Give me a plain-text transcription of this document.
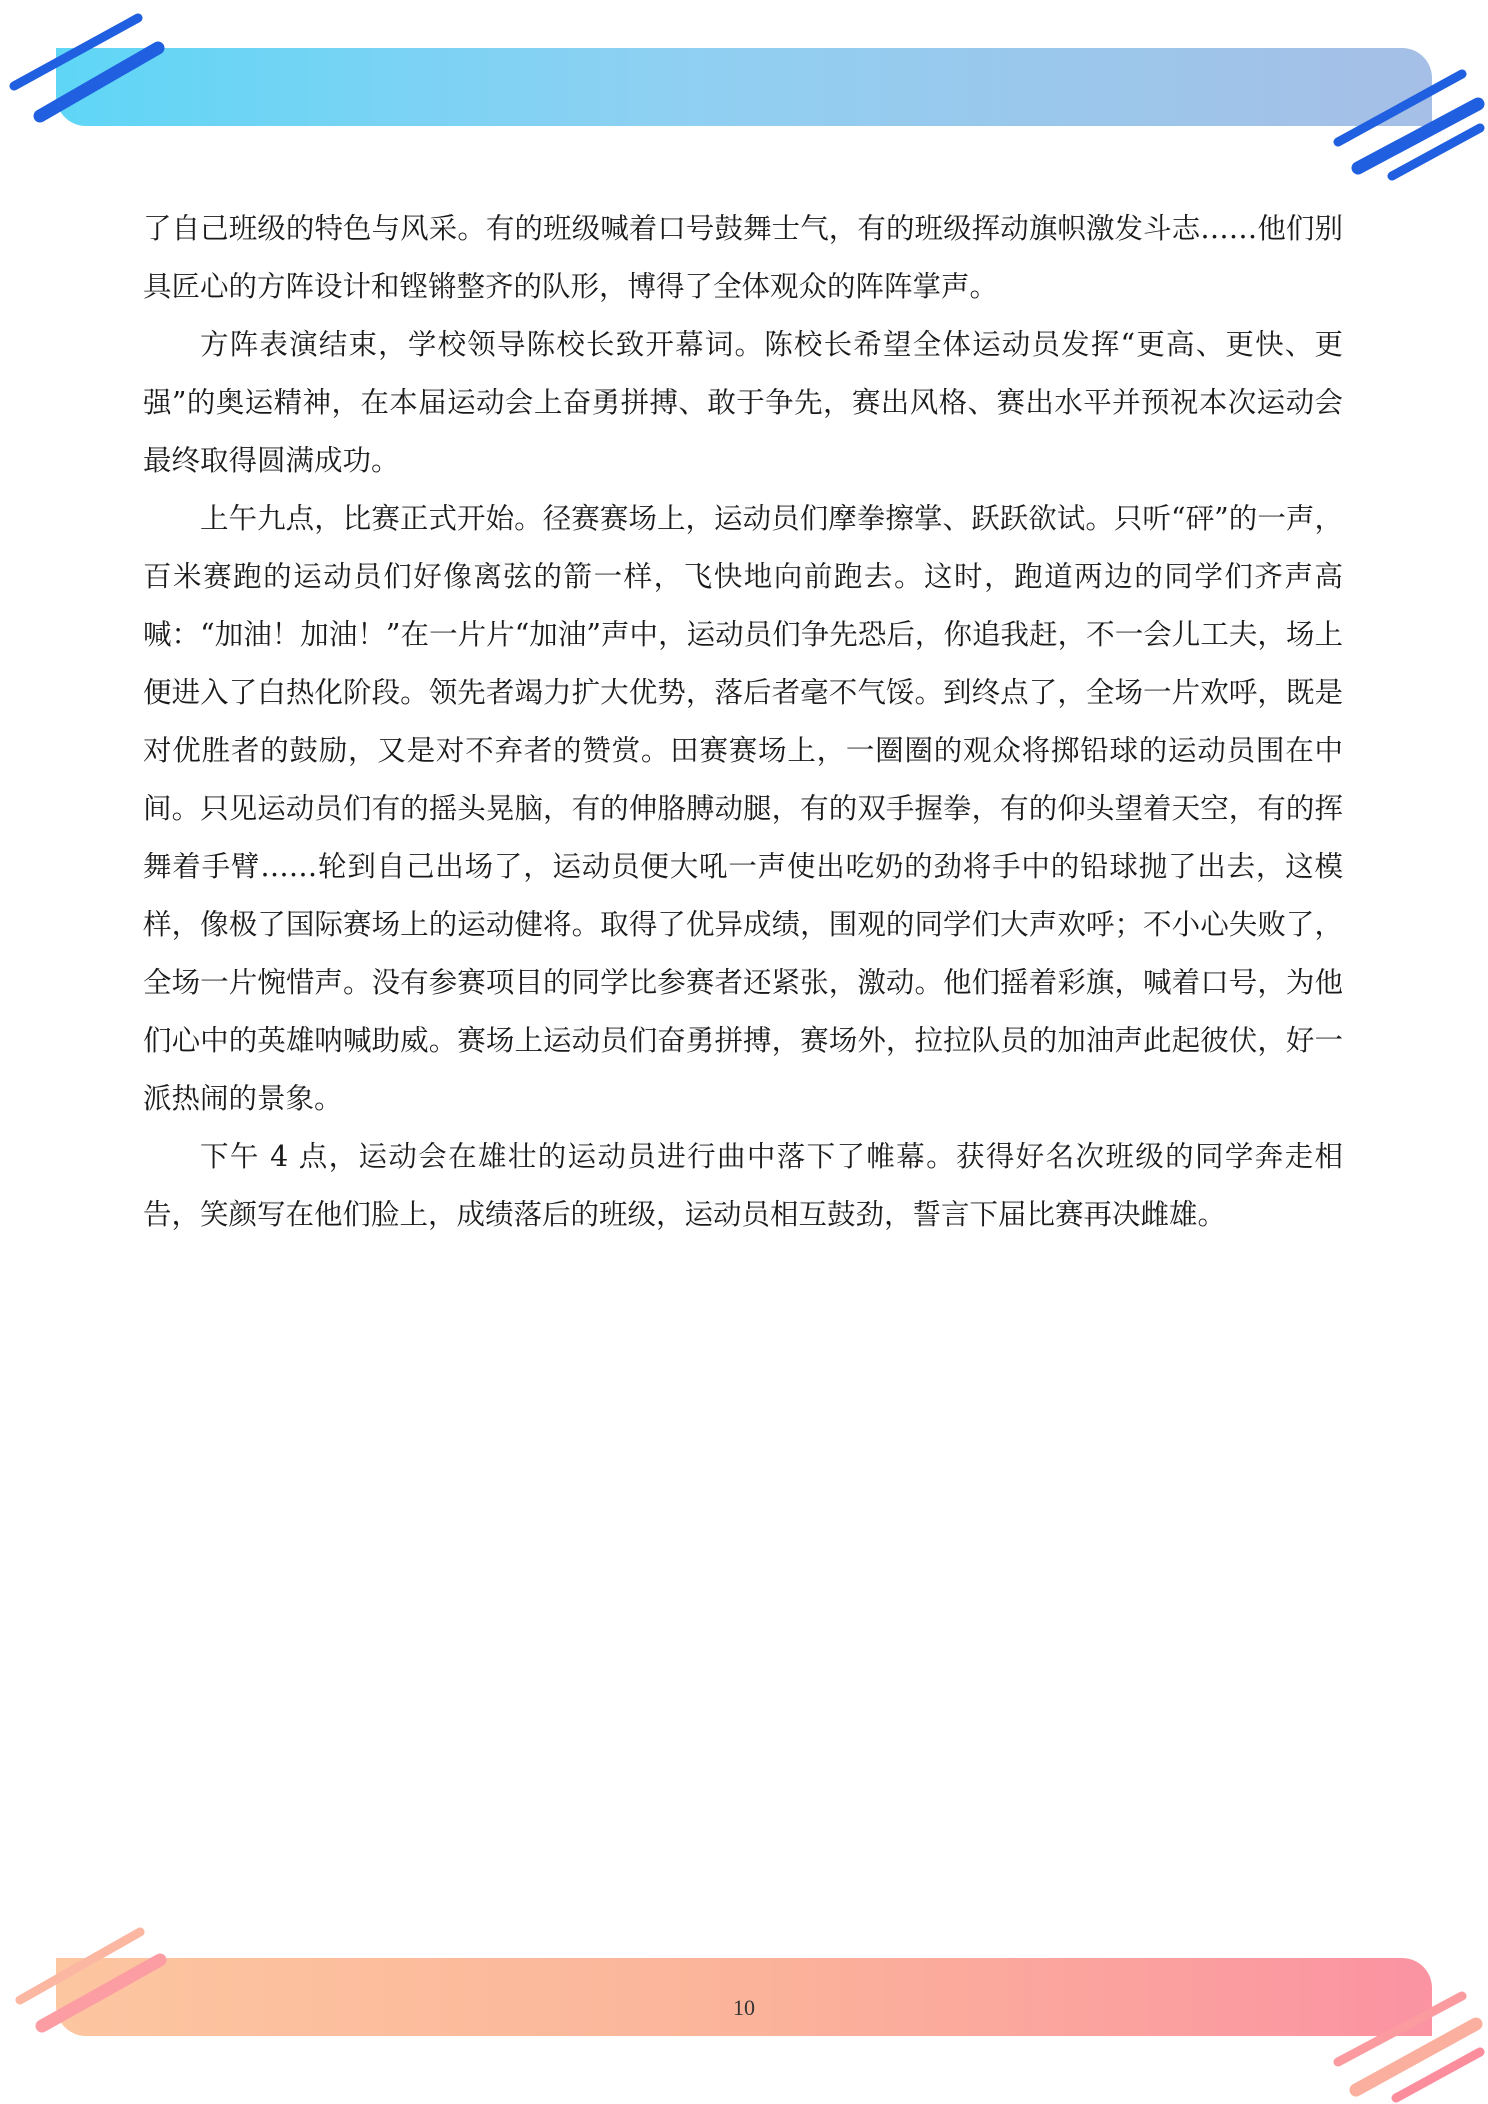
了自己班级的特色与风采。有的班级喊着口号鼓舞士气，有的班级挥动旗帜激发斗志……他们别具匠心的方阵设计和铿锵整齐的队形，博得了全体观众的阵阵掌声。

方阵表演结束，学校领导陈校长致开幕词。陈校长希望全体运动员发挥“更高、更快、更强”的奥运精神，在本届运动会上奋勇拼搏、敢于争先，赛出风格、赛出水平并预祝本次运动会最终取得圆满成功。

上午九点，比赛正式开始。径赛赛场上，运动员们摩拳擦掌、跃跃欲试。只听“砰”的一声，百米赛跑的运动员们好像离弦的箭一样，飞快地向前跑去。这时，跑道两边的同学们齐声高喊：“加油！加油！”在一片片“加油”声中，运动员们争先恐后，你追我赶，不一会儿工夫，场上便进入了白热化阶段。领先者竭力扩大优势，落后者毫不气馁。到终点了，全场一片欢呼，既是对优胜者的鼓励，又是对不弃者的赞赏。田赛赛场上，一圈圈的观众将掷铅球的运动员围在中间。只见运动员们有的摇头晃脑，有的伸胳膊动腿，有的双手握拳，有的仰头望着天空，有的挥舞着手臂……轮到自己出场了，运动员便大吼一声使出吃奶的劲将手中的铅球抛了出去，这模样，像极了国际赛场上的运动健将。取得了优异成绩，围观的同学们大声欢呼；不小心失败了，全场一片惋惜声。没有参赛项目的同学比参赛者还紧张，激动。他们摇着彩旗，喊着口号，为他们心中的英雄呐喊助威。赛场上运动员们奋勇拼搏，赛场外，拉拉队员的加油声此起彼伏，好一派热闹的景象。

下午 4 点，运动会在雄壮的运动员进行曲中落下了帷幕。获得好名次班级的同学奔走相告，笑颜写在他们脸上，成绩落后的班级，运动员相互鼓劲，誓言下届比赛再决雌雄。

10
